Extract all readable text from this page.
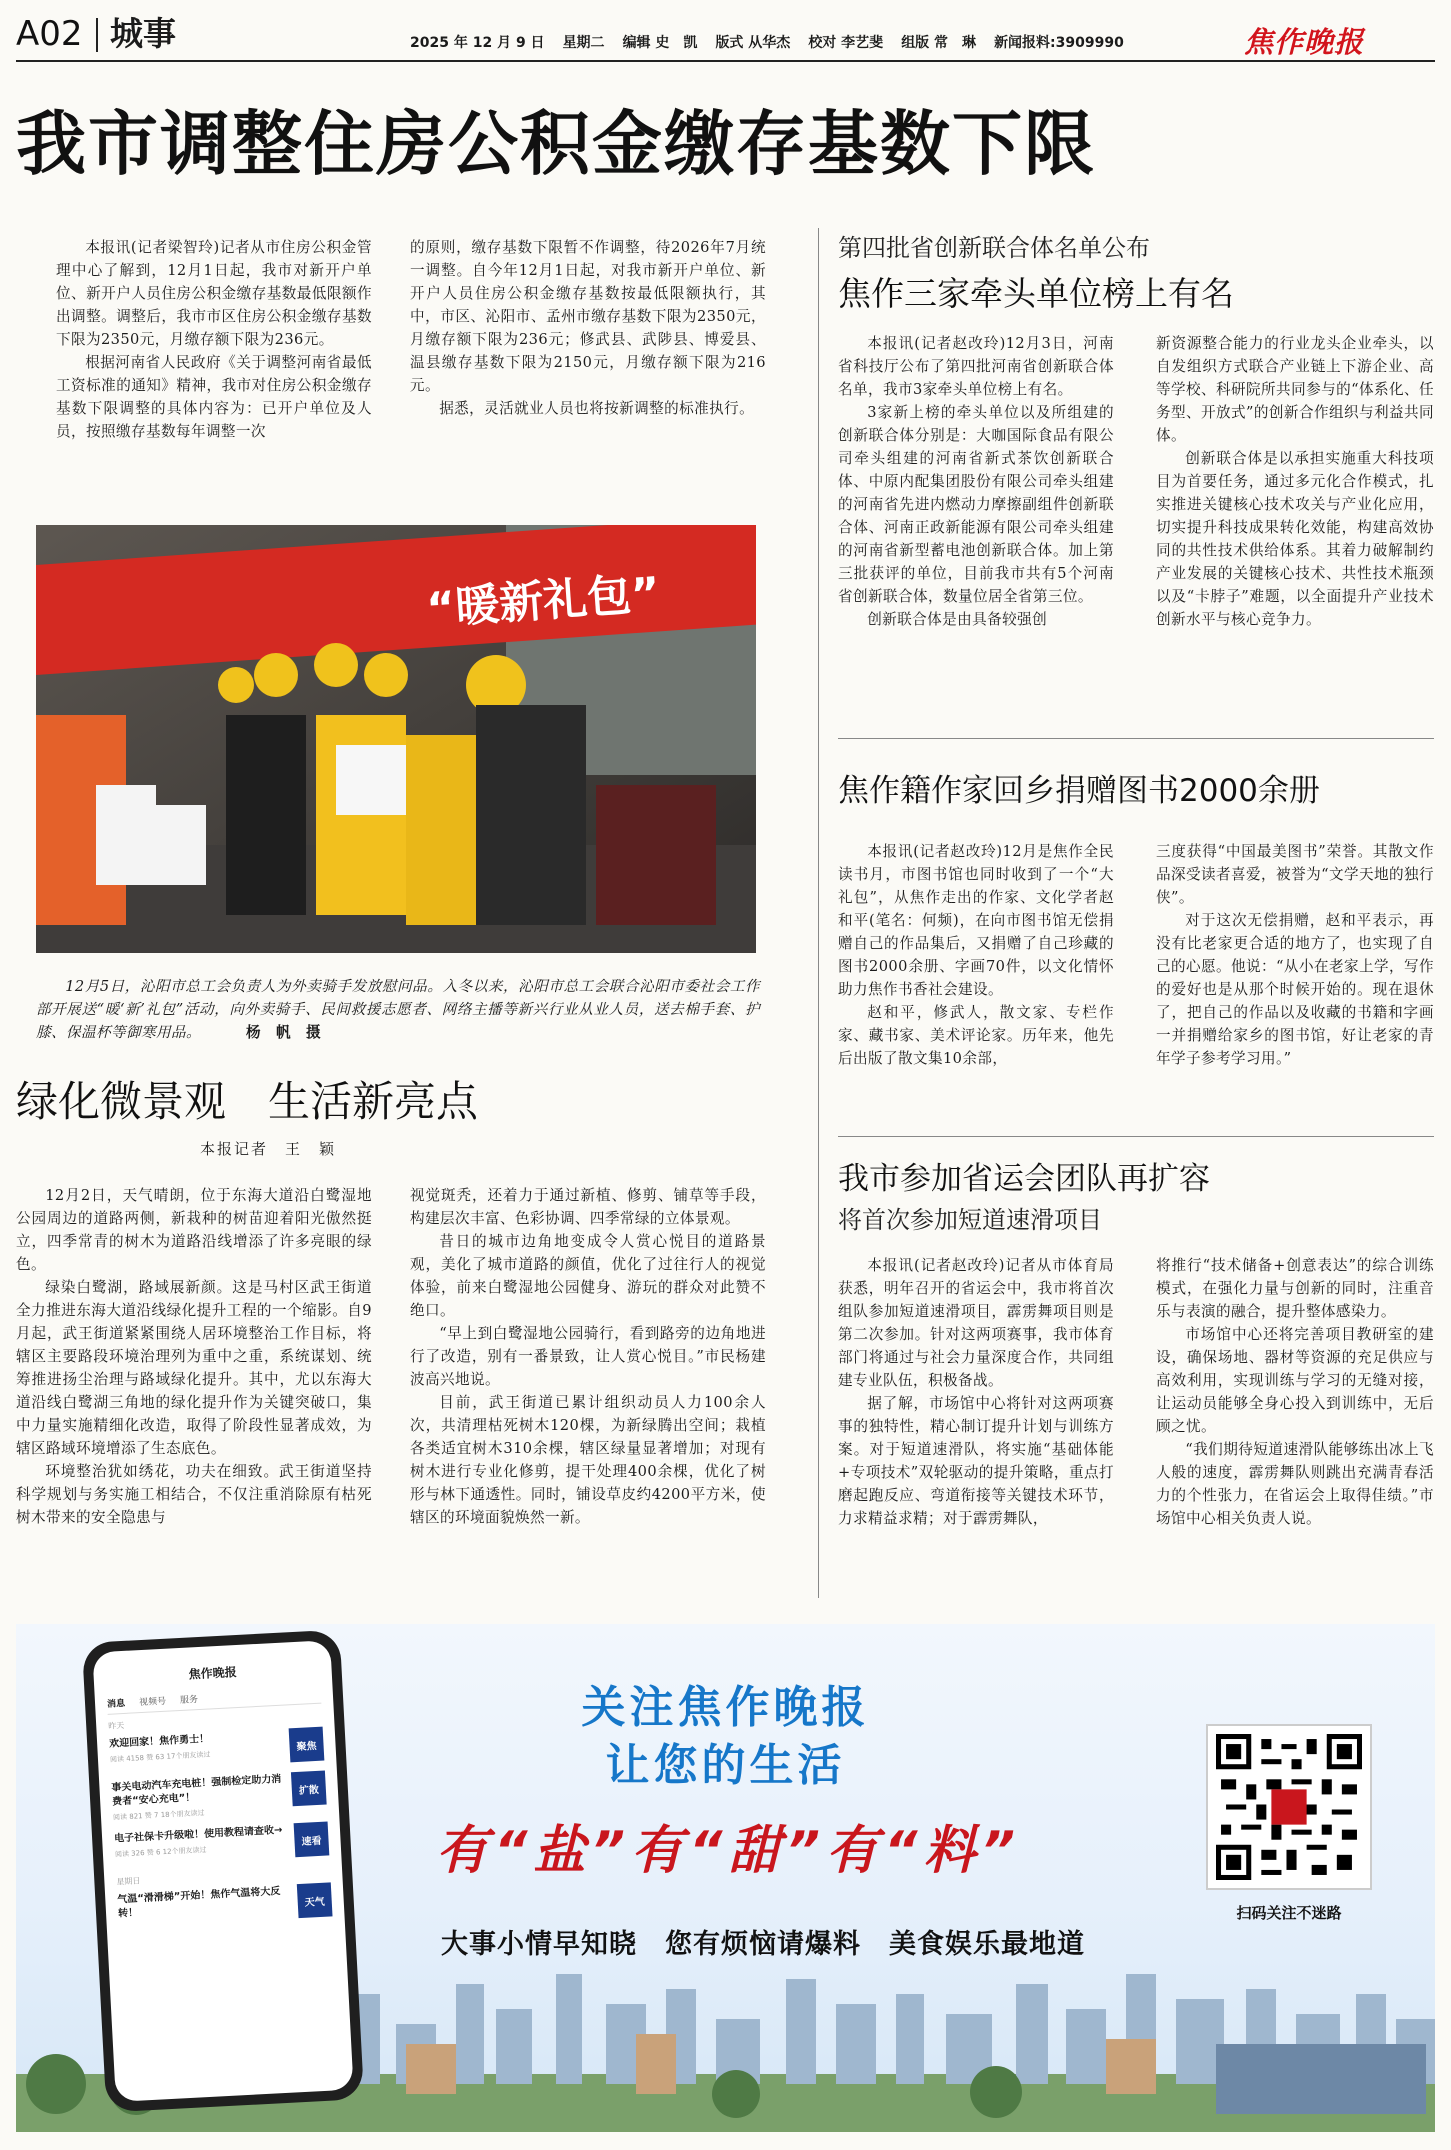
A02 城事	2025 年 12 月 9 日 星期二 编辑 史　凯 版式 从华杰 校对 李艺斐 组版 常　琳 新闻报料:3909990	焦作晚报
我市调整住房公积金缴存基数下限

本报讯(记者梁智玲)记者从市住房公积金管理中心了解到，12月1日起，我市对新开户单位、新开户人员住房公积金缴存基数最低限额作出调整。调整后，我市市区住房公积金缴存基数下限为2350元，月缴存额下限为236元。

根据河南省人民政府《关于调整河南省最低工资标准的通知》精神，我市对住房公积金缴存基数下限调整的具体内容为：已开户单位及人员，按照缴存基数每年调整一次

的原则，缴存基数下限暂不作调整，待2026年7月统一调整。自今年12月1日起，对我市新开户单位、新开户人员住房公积金缴存基数按最低限额执行，其中，市区、沁阳市、孟州市缴存基数下限为2350元，月缴存额下限为236元；修武县、武陟县、博爱县、温县缴存基数下限为2150元，月缴存额下限为216元。

据悉，灵活就业人员也将按新调整的标准执行。

“暖新礼包”
12月5日，沁阳市总工会负责人为外卖骑手发放慰问品。入冬以来，沁阳市总工会联合沁阳市委社会工作部开展送“暖‘新’礼包”活动，向外卖骑手、民间救援志愿者、网络主播等新兴行业从业人员，送去棉手套、护膝、保温杯等御寒用品。	杨　帆　摄
绿化微景观　生活新亮点
本报记者　王　颖

12月2日，天气晴朗，位于东海大道沿白鹭湿地公园周边的道路两侧，新栽种的树苗迎着阳光傲然挺立，四季常青的树木为道路沿线增添了许多亮眼的绿色。

绿染白鹭湖，路域展新颜。这是马村区武王街道全力推进东海大道沿线绿化提升工程的一个缩影。自9月起，武王街道紧紧围绕人居环境整治工作目标，将辖区主要路段环境治理列为重中之重，系统谋划、统筹推进扬尘治理与路域绿化提升。其中，尤以东海大道沿线白鹭湖三角地的绿化提升作为关键突破口，集中力量实施精细化改造，取得了阶段性显著成效，为辖区路域环境增添了生态底色。

环境整治犹如绣花，功夫在细致。武王街道坚持科学规划与务实施工相结合，不仅注重消除原有枯死树木带来的安全隐患与

视觉斑秃，还着力于通过新植、修剪、铺草等手段，构建层次丰富、色彩协调、四季常绿的立体景观。

昔日的城市边角地变成令人赏心悦目的道路景观，美化了城市道路的颜值，优化了过往行人的视觉体验，前来白鹭湿地公园健身、游玩的群众对此赞不绝口。

“早上到白鹭湿地公园骑行，看到路旁的边角地进行了改造，别有一番景致，让人赏心悦目。”市民杨建波高兴地说。

目前，武王街道已累计组织动员人力100余人次，共清理枯死树木120棵，为新绿腾出空间；栽植各类适宜树木310余棵，辖区绿量显著增加；对现有树木进行专业化修剪，提干处理400余棵，优化了树形与林下通透性。同时，铺设草皮约4200平方米，使辖区的环境面貌焕然一新。

第四批省创新联合体名单公布
焦作三家牵头单位榜上有名

本报讯(记者赵改玲)12月3日，河南省科技厅公布了第四批河南省创新联合体名单，我市3家牵头单位榜上有名。

3家新上榜的牵头单位以及所组建的创新联合体分别是：大咖国际食品有限公司牵头组建的河南省新式茶饮创新联合体、中原内配集团股份有限公司牵头组建的河南省先进内燃动力摩擦副组件创新联合体、河南正政新能源有限公司牵头组建的河南省新型蓄电池创新联合体。加上第三批获评的单位，目前我市共有5个河南省创新联合体，数量位居全省第三位。

创新联合体是由具备较强创

新资源整合能力的行业龙头企业牵头，以自发组织方式联合产业链上下游企业、高等学校、科研院所共同参与的“体系化、任务型、开放式”的创新合作组织与利益共同体。

创新联合体是以承担实施重大科技项目为首要任务，通过多元化合作模式，扎实推进关键核心技术攻关与产业化应用，切实提升科技成果转化效能，构建高效协同的共性技术供给体系。其着力破解制约产业发展的关键核心技术、共性技术瓶颈以及“卡脖子”难题，以全面提升产业技术创新水平与核心竞争力。

焦作籍作家回乡捐赠图书2000余册

本报讯(记者赵改玲)12月是焦作全民读书月，市图书馆也同时收到了一个“大礼包”，从焦作走出的作家、文化学者赵和平(笔名：何频)，在向市图书馆无偿捐赠自己的作品集后，又捐赠了自己珍藏的图书2000余册、字画70件，以文化情怀助力焦作书香社会建设。

赵和平，修武人，散文家、专栏作家、藏书家、美术评论家。历年来，他先后出版了散文集10余部，

三度获得“中国最美图书”荣誉。其散文作品深受读者喜爱，被誉为“文学天地的独行侠”。

对于这次无偿捐赠，赵和平表示，再没有比老家更合适的地方了，也实现了自己的心愿。他说：“从小在老家上学，写作的爱好也是从那个时候开始的。现在退休了，把自己的作品以及收藏的书籍和字画一并捐赠给家乡的图书馆，好让老家的青年学子参考学习用。”

我市参加省运会团队再扩容
将首次参加短道速滑项目

本报讯(记者赵改玲)记者从市体育局获悉，明年召开的省运会中，我市将首次组队参加短道速滑项目，霹雳舞项目则是第二次参加。针对这两项赛事，我市体育部门将通过与社会力量深度合作，共同组建专业队伍，积极备战。

据了解，市场馆中心将针对这两项赛事的独特性，精心制订提升计划与训练方案。对于短道速滑队，将实施“基础体能+专项技术”双轮驱动的提升策略，重点打磨起跑反应、弯道衔接等关键技术环节，力求精益求精；对于霹雳舞队，

将推行“技术储备+创意表达”的综合训练模式，在强化力量与创新的同时，注重音乐与表演的融合，提升整体感染力。

市场馆中心还将完善项目教研室的建设，确保场地、器材等资源的充足供应与高效利用，实现训练与学习的无缝对接，让运动员能够全身心投入到训练中，无后顾之忧。

“我们期待短道速滑队能够练出冰上飞人般的速度，霹雳舞队则跳出充满青春活力的个性张力，在省运会上取得佳绩。”市场馆中心相关负责人说。

焦作晚报
消息 视频号 服务
昨天
欢迎回家！焦作勇士！
阅读 4158 赞 63 17个朋友读过
聚焦
事关电动汽车充电桩！强制检定助力消费者“安心充电”！
阅读 821 赞 7 18个朋友读过
扩散
电子社保卡升级啦！使用教程请查收→
阅读 326 赞 6 12个朋友读过
速看
星期日
气温“滑滑梯”开始！焦作气温将大反转！
天气
关注焦作晚报
让您的生活
有“盐”有“甜”有“料”
大事小情早知晓　您有烦恼请爆料　美食娱乐最地道
扫码关注不迷路
